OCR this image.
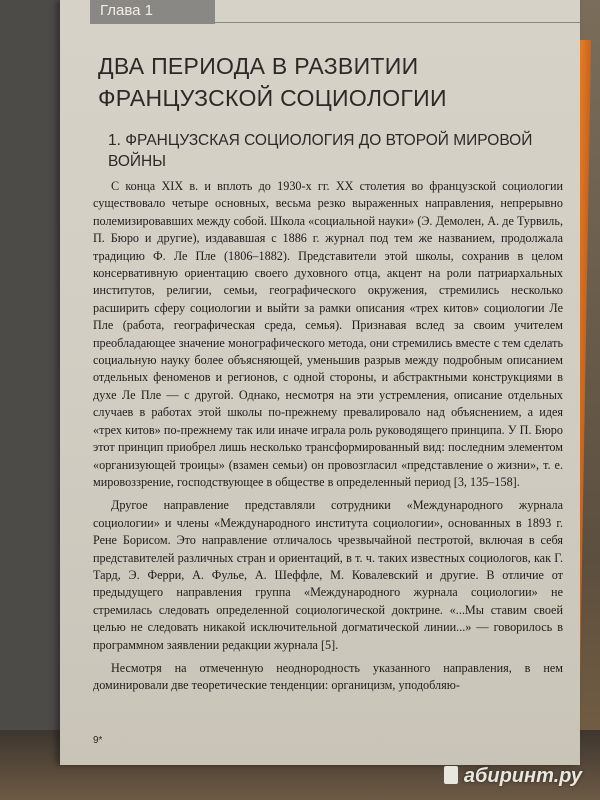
Глава 1
ДВА ПЕРИОДА В РАЗВИТИИ ФРАНЦУЗСКОЙ СОЦИОЛОГИИ
1. ФРАНЦУЗСКАЯ СОЦИОЛОГИЯ ДО ВТОРОЙ МИРОВОЙ ВОЙНЫ

С конца XIX в. и вплоть до 1930-х гг. XX столетия во французской социологии существовало четыре основных, весьма резко выраженных направления, непрерывно полемизировавших между собой. Школа «социальной науки» (Э. Демолен, А. де Турвиль, П. Бюро и другие), издававшая с 1886 г. журнал под тем же названием, продолжала традицию Ф. Ле Пле (1806–1882). Представители этой школы, сохранив в целом консервативную ориентацию своего духовного отца, акцент на роли патриархальных институтов, религии, семьи, географического окружения, стремились несколько расширить сферу социологии и выйти за рамки описания «трех китов» социологии Ле Пле (работа, географическая среда, семья). Признавая вслед за своим учителем преобладающее значение монографического метода, они стремились вместе с тем сделать социальную науку более объясняющей, уменьшив разрыв между подробным описанием отдельных феноменов и регионов, с одной стороны, и абстрактными конструкциями в духе Ле Пле — с другой. Однако, несмотря на эти устремления, описание отдельных случаев в работах этой школы по-прежнему превалировало над объяснением, а идея «трех китов» по-прежнему так или иначе играла роль руководящего принципа. У П. Бюро этот принцип приобрел лишь несколько трансформированный вид: последним элементом «организующей троицы» (взамен семьи) он провозгласил «представление о жизни», т. е. мировоззрение, господствующее в обществе в определенный период [3, 135–158].

Другое направление представляли сотрудники «Международного журнала социологии» и члены «Международного института социологии», основанных в 1893 г. Рене Борисом. Это направление отличалось чрезвычайной пестротой, включая в себя представителей различных стран и ориентаций, в т. ч. таких известных социологов, как Г. Тард, Э. Ферри, А. Фулье, А. Шеффле, М. Ковалевский и другие. В отличие от предыдущего направления группа «Международного журнала социологии» не стремилась следовать определенной социологической доктрине. «...Мы ставим своей целью не следовать никакой исключительной догматической линии...» — говорилось в программном заявлении редакции журнала [5].

Несмотря на отмеченную неоднородность указанного направления, в нем доминировали две теоретические тенденции: органицизм, уподобляю-

9*
абиринт.ру
